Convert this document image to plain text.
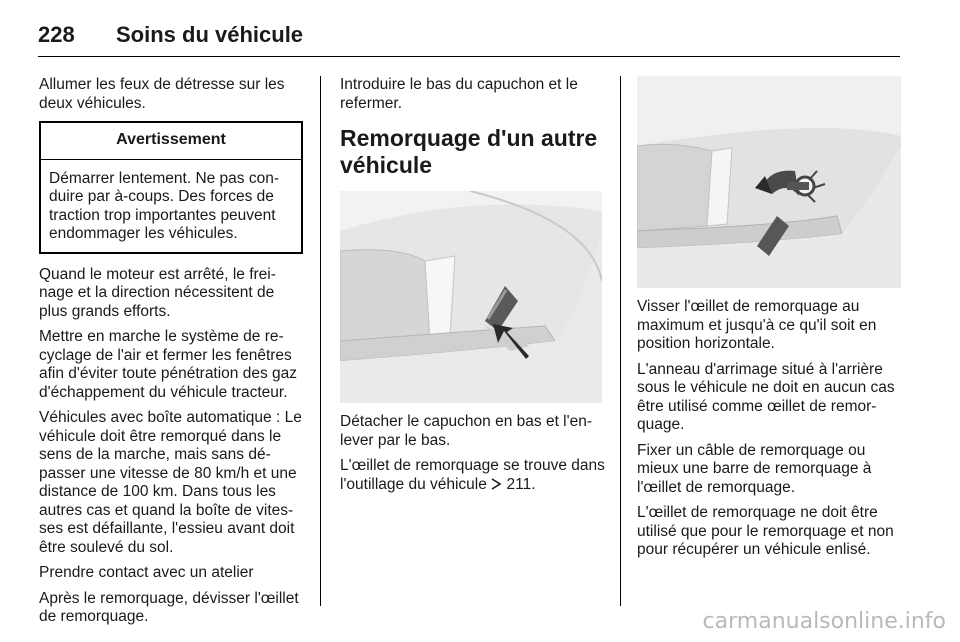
228	Soins du véhicule

Allumer les feux de détresse sur les deux véhicules.

Avertissement
Démarrer lentement. Ne pas conduire par à-coups. Des forces de traction trop importantes peuvent endommager les véhicules.

Quand le moteur est arrêté, le freinage et la direction nécessitent de plus grands efforts.

Mettre en marche le système de recyclage de l'air et fermer les fenêtres afin d'éviter toute pénétration des gaz d'échappement du véhicule tracteur.

Véhicules avec boîte automatique : Le véhicule doit être remorqué dans le sens de la marche, mais sans dépasser une vitesse de 80 km/h et une distance de 100 km. Dans tous les autres cas et quand la boîte de vitesses est défaillante, l'essieu avant doit être soulevé du sol.

Prendre contact avec un atelier

Après le remorquage, dévisser l'œillet de remorquage.

Introduire le bas du capuchon et le refermer.

Remorquage d'un autre véhicule

Détacher le capuchon en bas et l'enlever par le bas.

L'œillet de remorquage se trouve dans l'outillage du véhicule  211.

Visser l'œillet de remorquage au maximum et jusqu'à ce qu'il soit en position horizontale.

L'anneau d'arrimage situé à l'arrière sous le véhicule ne doit en aucun cas être utilisé comme œillet de remorquage.

Fixer un câble de remorquage ou mieux une barre de remorquage à l'œillet de remorquage.

L'œillet de remorquage ne doit être utilisé que pour le remorquage et non pour récupérer un véhicule enlisé.

carmanualsonline.info
